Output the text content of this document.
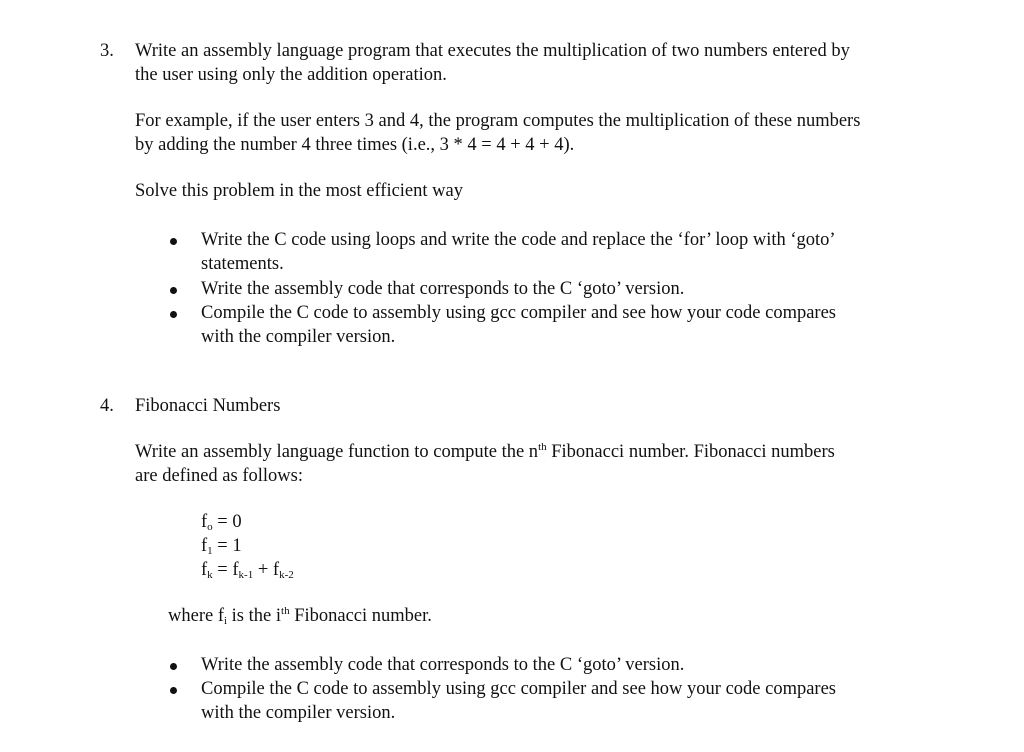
3. Write an assembly language program that executes the multiplication of two numbers entered by
the user using only the addition operation.
For example, if the user enters 3 and 4, the program computes the multiplication of these numbers
by adding the number 4 three times (i.e., 3 * 4 = 4 + 4 + 4).
Solve this problem in the most efficient way
Write the C code using loops and write the code and replace the ‘for’ loop with ‘goto’
statements.
Write the assembly code that corresponds to the C ‘goto’ version.
Compile the C code to assembly using gcc compiler and see how your code compares
with the compiler version.
4. Fibonacci Numbers
Write an assembly language function to compute the $n^{th}$ Fibonacci number. Fibonacci numbers
are defined as follows:
$f_o = 0$
$f_1 = 1$
$f_k = f_{k-1} + f_{k-2}$
where $f_i$ is the $i^{th}$ Fibonacci number.
Write the assembly code that corresponds to the C ‘goto’ version.
Compile the C code to assembly using gcc compiler and see how your code compares
with the compiler version.
